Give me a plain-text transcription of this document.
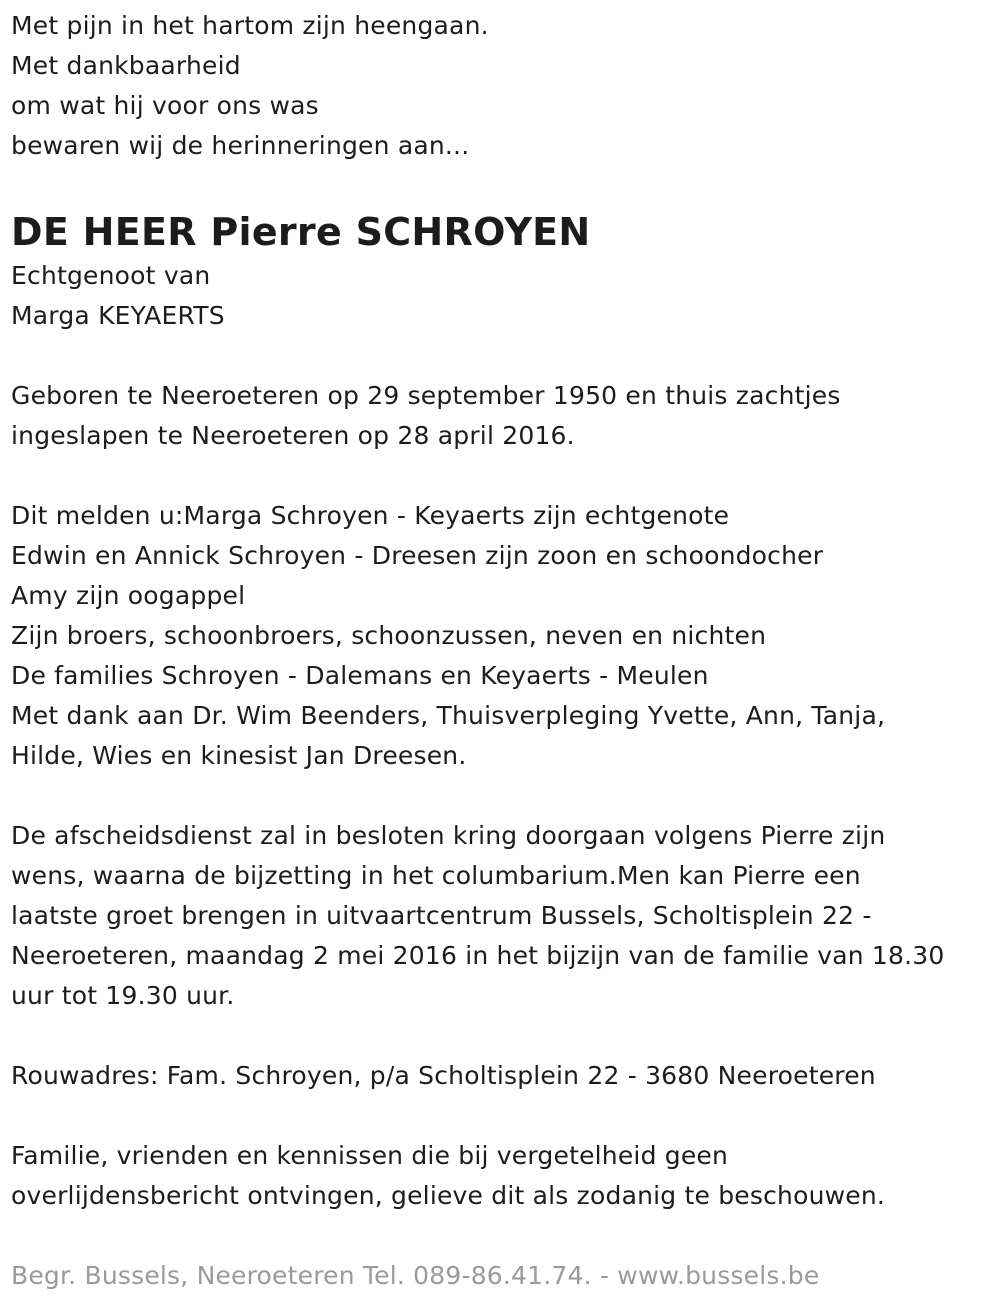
Met pijn in het hartom zijn heengaan.
Met dankbaarheid
om wat hij voor ons was
bewaren wij de herinneringen aan...
DE HEER Pierre SCHROYEN
Echtgenoot van
Marga KEYAERTS
Geboren te Neeroeteren op 29 september 1950 en thuis zachtjes
ingeslapen te Neeroeteren op 28 april 2016.
Dit melden u:Marga Schroyen - Keyaerts zijn echtgenote
Edwin en Annick Schroyen - Dreesen zijn zoon en schoondocher
Amy zijn oogappel
Zijn broers, schoonbroers, schoonzussen, neven en nichten
De families Schroyen - Dalemans en Keyaerts - Meulen
Met dank aan Dr. Wim Beenders, Thuisverpleging Yvette, Ann, Tanja,
Hilde, Wies en kinesist Jan Dreesen.
De afscheidsdienst zal in besloten kring doorgaan volgens Pierre zijn
wens, waarna de bijzetting in het columbarium.Men kan Pierre een
laatste groet brengen in uitvaartcentrum Bussels, Scholtisplein 22 -
Neeroeteren, maandag 2 mei 2016 in het bijzijn van de familie van 18.30
uur tot 19.30 uur.
Rouwadres: Fam. Schroyen, p/a Scholtisplein 22 - 3680 Neeroeteren
Familie, vrienden en kennissen die bij vergetelheid geen
overlijdensbericht ontvingen, gelieve dit als zodanig te beschouwen.
Begr. Bussels, Neeroeteren Tel. 089-86.41.74. - www.bussels.be
